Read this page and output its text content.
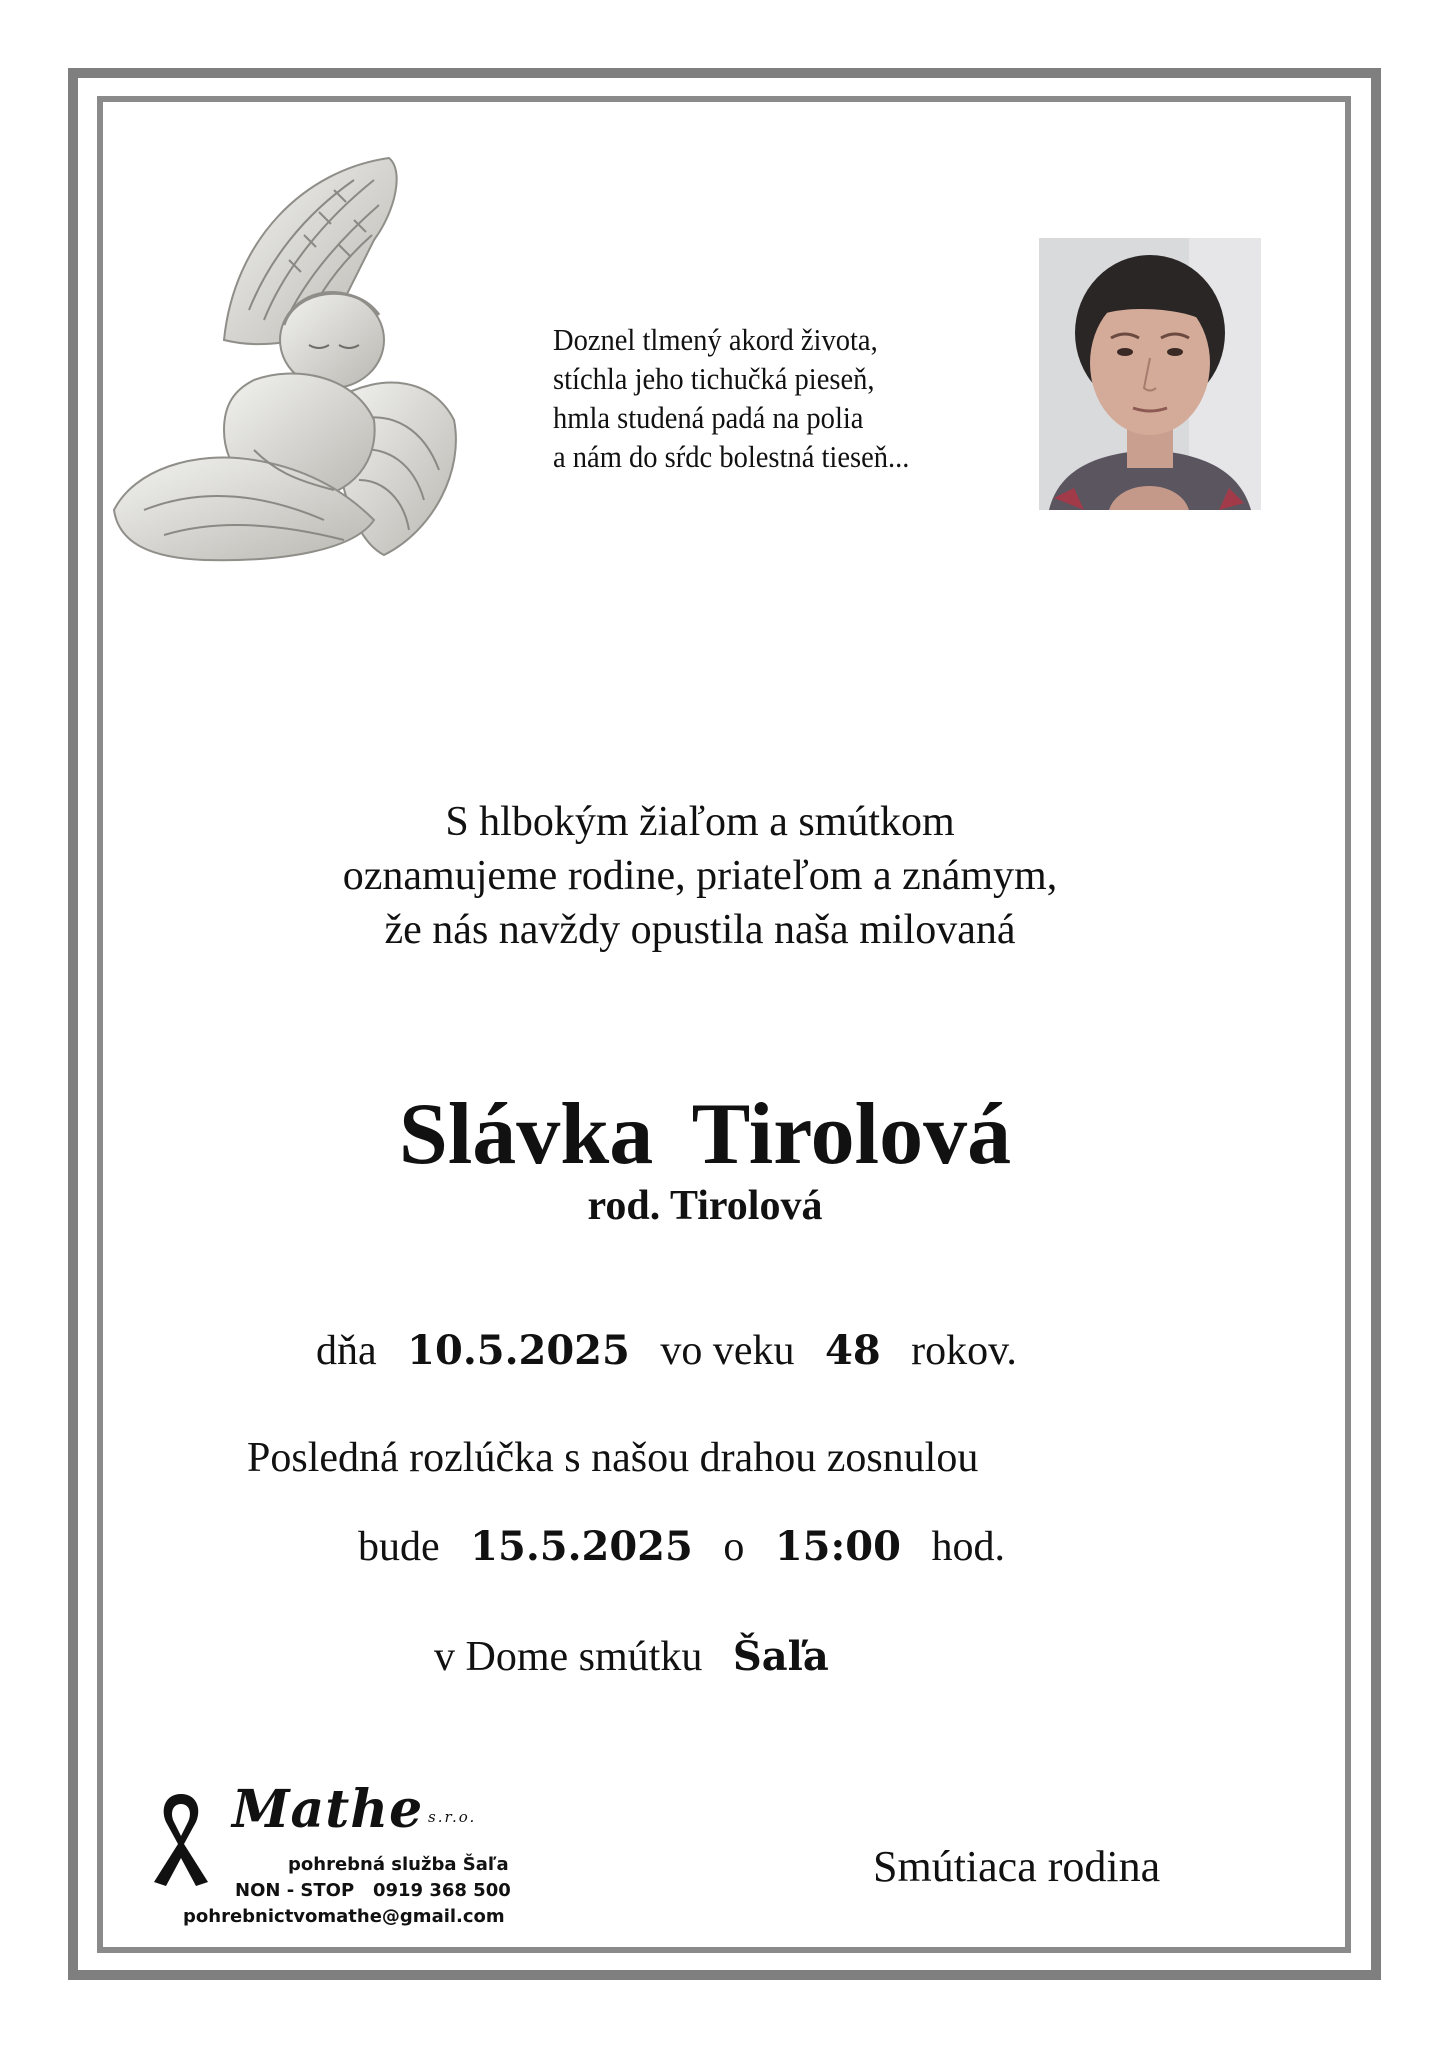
Doznel tlmený akord života,
stíchla jeho tichučká pieseň,
hmla studená padá na polia
a nám do sŕdc bolestná tieseň...
S hlbokým žiaľom a smútkom
oznamujeme rodine, priateľom a známym,
že nás navždy opustila naša milovaná
Slávka Tirolová
rod. Tirolová
dňa 10.5.2025 vo veku 48 rokov.
Posledná rozlúčka s našou drahou zosnulou
bude 15.5.2025 o 15:00 hod.
v Dome smútku Šaľa
Mathe s.r.o.
pohrebná služba Šaľa
NON - STOP   0919 368 500
pohrebnictvomathe@gmail.com
Smútiaca rodina
